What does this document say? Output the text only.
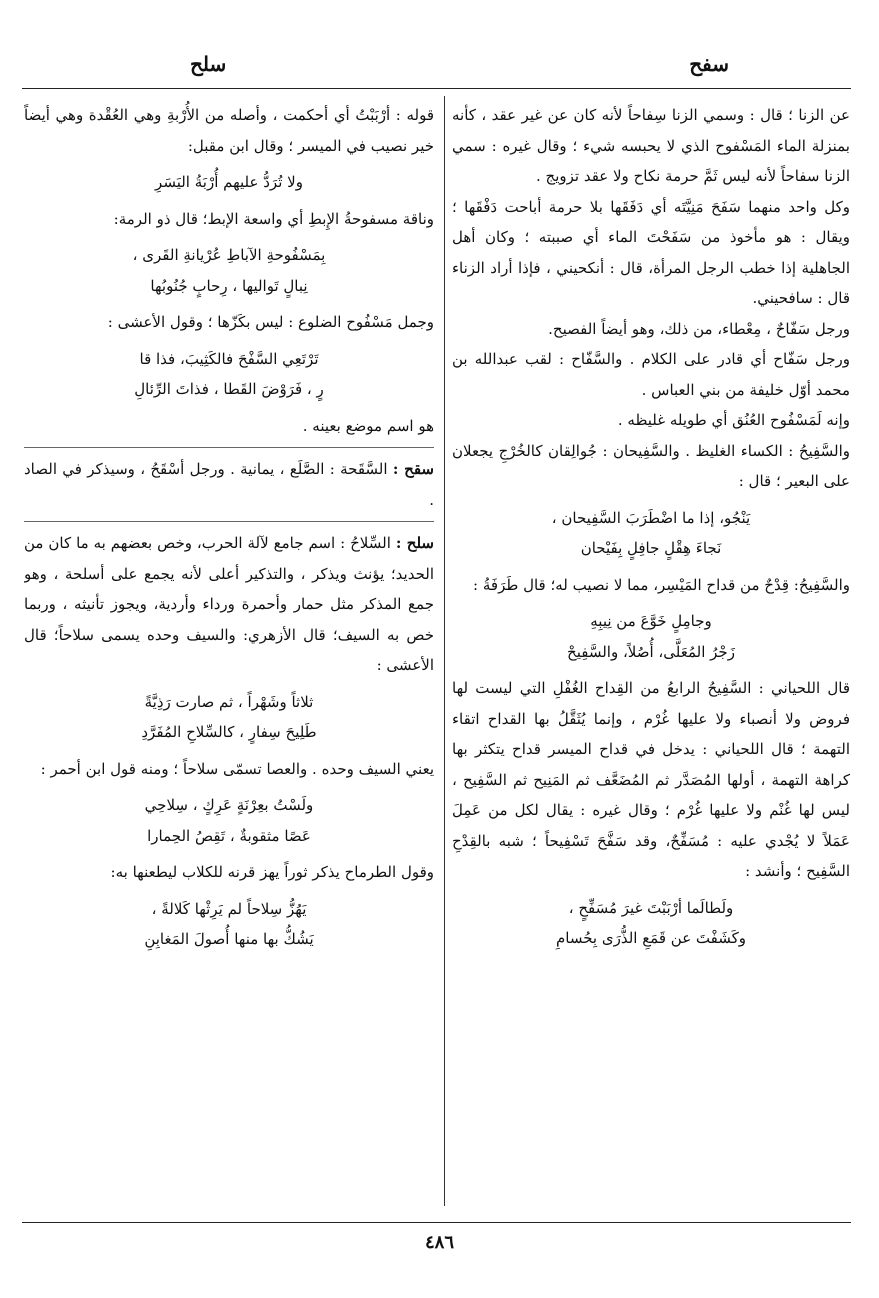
سفح
سلح

عن الزنا ؛ قال : وسمي الزنا سِفاحاً لأنه كان عن غير عقد ، كأنه بمنزلة الماء المَسْفوح الذي لا يحبسه شيء ؛ وقال غيره : سمي الزنا سفاحاً لأنه ليس ثَمَّ حرمة نكاح ولا عقد تزويج .

وكل واحد منهما سَفَحَ مَنِيَّتَه أي دَفَقَها بلا حرمة أباحت دَفْقَها ؛ ويقال : هو مأخوذ من سَفَحْتَ الماء أي صببته ؛ وكان أهل الجاهلية إذا خطب الرجل المرأة، قال : أنكحيني ، فإذا أراد الزناء قال : سافحيني.

ورجل سَفّاحٌ ، مِعْطاء، من ذلك، وهو أيضاً الفصيح.

ورجل سَفّاح أي قادر على الكلام . والسَّفّاح : لقب عبدالله بن محمد أوّل خليفة من بني العباس .

وإنه لَمَسْفُوح العُنُق أي طويله غليظه .

والسَّفِيحُ : الكساء الغليظ . والسَّفِيحان : جُوالِقان كالخُرْجِ يجعلان على البعير ؛ قال :

يَنْجُو، إذا ما اضْطَرَبَ السَّفِيحان ،
نَجاءَ هِقْلٍ جافِلٍ بِفَيْحان

والسَّفِيحُ: قِدْحٌ من قداح المَيْسِر، مما لا نصيب له؛ قال طَرَفَةُ :

وجامِلٍ خَوَّعَ من نِيبِهِ
زَجْرُ المُعَلَّى، أُصُلاً، والسَّفِيحْ

قال اللحياني : السَّفِيحُ الرابعُ من القِداح الغُفْلِ التي ليست لها فروض ولا أنصباء ولا عليها غُرْم ، وإنما يُثَقَّلُ بها القداح اتقاء التهمة ؛ قال اللحياني : يدخل في قداح الميسر قداح يتكثر بها كراهة التهمة ، أولها المُصَدَّر ثم المُضَعَّف ثم المَنِيح ثم السَّفِيح ، ليس لها غُنْم ولا عليها غُرْم ؛ وقال غيره : يقال لكل من عَمِلَ عَمَلاً لا يُجْدي عليه : مُسَفِّحٌ، وقد سَفَّحَ تَسْفِيحاً ؛ شبه بالقِدْحِ السَّفِيح ؛ وأنشد :

ولَطالَما أرْبَبْتَ غيرَ مُسَفِّحٍ ،
وكَشَفْتَ عن قَمَعِ الذُّرَى بِحُسامِ

قوله : أرْبَبْتُ أي أحكمت ، وأصله من الأُرْبةِ وهي العُقْدة وهي أيضاً خير نصيب في الميسر ؛ وقال ابن مقبل:

ولا تُرَدُّ عليهم أُرْبَةُ اليَسَرِ

وناقة مسفوحةُ الإِبطِ أي واسعة الإبط؛ قال ذو الرمة:

بِمَسْفُوحةِ الآباطِ عُرْيانةِ القَرى ،
نِبالٍ تَواليها ، رِحابٍ جُنُوبُها

وجمل مَسْفُوح الضلوع : ليس بكَزّها ؛ وقول الأعشى :

تَرْتَعِي السَّفْحَ فالكَثِيبَ، فذا قا
رٍ ، فَرَوْضَ القَطا ، فذاتَ الرِّئالِ

هو اسم موضع بعينه .

سقح : السَّقَحة : الصَّلَع ، يمانية . ورجل أسْقَحُ ، وسيذكر في الصاد .

سلح : السِّلاحُ : اسم جامع لآلة الحرب، وخص بعضهم به ما كان من الحديد؛ يؤنث ويذكر ، والتذكير أعلى لأنه يجمع على أسلحة ، وهو جمع المذكر مثل حمار وأحمرة ورداء وأردية، ويجوز تأنيثه ، وربما خص به السيف؛ قال الأزهري: والسيف وحده يسمى سلاحاً؛ قال الأعشى :

ثلاثاً وشَهْراً ، ثم صارت رَذِيَّةً
طَلِيحَ سِفارٍ ، كالسِّلاحِ المُفَرَّدِ

يعني السيف وحده . والعصا تسمّى سلاحاً ؛ ومنه قول ابن أحمر :

ولَسْتُ بعِرْنَةٍ عَرِكٍ ، سِلاحِي
عَصًا مثقوبةٌ ، تَقِصُ الحِمارا

وقول الطرماح يذكر ثوراً يهز قرنه للكلاب ليطعنها به:

يَهُزُّ سِلاحاً لم يَرِثْها كَلالةً ،
يَشُكُّ بها منها أُصولَ المَغابِنِ
٤٨٦
